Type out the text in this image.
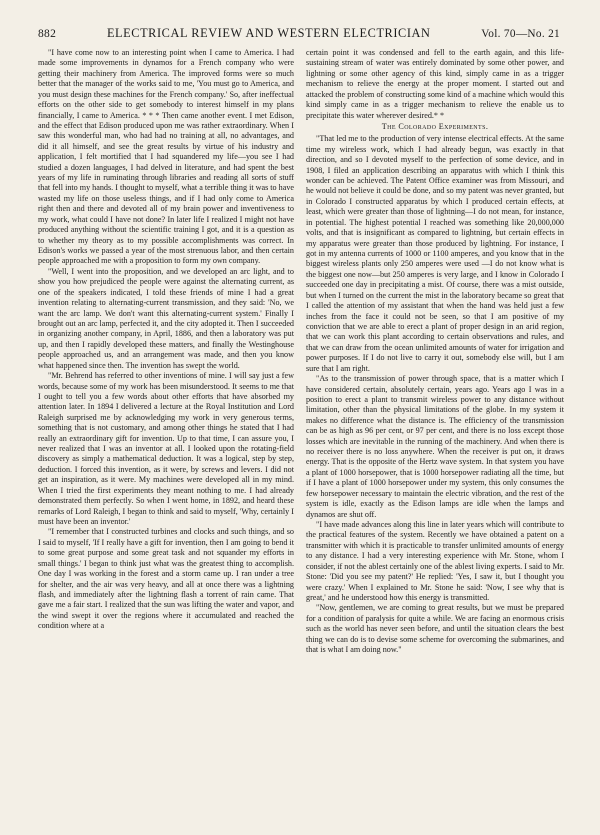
882	ELECTRICAL REVIEW AND WESTERN ELECTRICIAN	Vol. 70—No. 21

"I have come now to an interesting point when I came to America. I had made some improvements in dynamos for a French company who were getting their machinery from America. The improved forms were so much better that the manager of the works said to me, 'You must go to America, and you must design these machines for the French company.' So, after ineffectual efforts on the other side to get somebody to interest himself in my plans financially, I came to America. * * * Then came another event. I met Edison, and the effect that Edison produced upon me was rather extraordinary. When I saw this wonderful man, who had had no training at all, no advantages, and did it all himself, and see the great results by virtue of his industry and application, I felt mortified that I had squandered my life—you see I had studied a dozen languages, I had delved in literature, and had spent the best years of my life in ruminating through libraries and reading all sorts of stuff that fell into my hands. I thought to myself, what a terrible thing it was to have wasted my life on those useless things, and if I had only come to America right then and there and devoted all of my brain power and inventiveness to my work, what could I have not done? In later life I realized I might not have produced anything without the scientific training I got, and it is a question as to whether my theory as to my possible accomplishments was correct. In Edison's works we passed a year of the most strenuous labor, and then certain people approached me with a proposition to form my own company.

"Well, I went into the proposition, and we developed an arc light, and to show you how prejudiced the people were against the alternating current, as one of the speakers indicated, I told these friends of mine I had a great invention relating to alternating-current transmission, and they said: 'No, we want the arc lamp. We don't want this alternating-current system.' Finally I brought out an arc lamp, perfected it, and the city adopted it. Then I succeeded in organizing another company, in April, 1886, and then a laboratory was put up, and then I rapidly developed these matters, and finally the Westinghouse people approached us, and an arrangement was made, and then you know what happened since then. The invention has swept the world.

"Mr. Behrend has referred to other inventions of mine. I will say just a few words, because some of my work has been misunderstood. It seems to me that I ought to tell you a few words about other efforts that have absorbed my attention later. In 1894 I delivered a lecture at the Royal Institution and Lord Raleigh surprised me by acknowledging my work in very generous terms, something that is not customary, and among other things he stated that I had really an extraordinary gift for invention. Up to that time, I can assure you, I never realized that I was an inventor at all. I looked upon the rotating-field discovery as simply a mathematical deduction. It was a logical, step by step, deduction. I forced this invention, as it were, by screws and levers. I did not get an inspiration, as it were. My machines were developed all in my mind. When I tried the first experiments they meant nothing to me. I had already demonstrated them perfectly. So when I went home, in 1892, and heard these remarks of Lord Raleigh, I began to think and said to myself, 'Why, certainly I must have been an inventor.'

"I remember that I constructed turbines and clocks and such things, and so I said to myself, 'If I really have a gift for invention, then I am going to bend it to some great purpose and some great task and not squander my efforts in small things.' I began to think just what was the greatest thing to accomplish. One day I was working in the forest and a storm came up. I ran under a tree for shelter, and the air was very heavy, and all at once there was a lightning flash, and immediately after the lightning flash a torrent of rain came. That gave me a fair start. I realized that the sun was lifting the water and vapor, and the wind swept it over the regions where it accumulated and reached the condition where at a

certain point it was condensed and fell to the earth again, and this life-sustaining stream of water was entirely dominated by some other power, and lightning or some other agency of this kind, simply came in as a trigger mechanism to relieve the energy at the proper moment. I started out and attacked the problem of constructing some kind of a machine which would this kind simply came in as a trigger mechanism to relieve the enable us to precipitate this water wherever desired.* *

The Colorado Experiments.

"That led me to the production of very intense electrical effects. At the same time my wireless work, which I had already begun, was exactly in that direction, and so I devoted myself to the perfection of some device, and in 1908, I filed an application describing an apparatus with which I think this wonder can be achieved. The Patent Office examiner was from Missouri, and he would not believe it could be done, and so my patent was never granted, but in Colorado I constructed apparatus by which I produced certain effects, at least, which were greater than those of lightning—I do not mean, for instance, in potential. The highest potential I reached was something like 20,000,000 volts, and that is insignificant as compared to lightning, but certain effects in my apparatus were greater than those produced by lightning. For instance, I got in my antenna currents of 1000 or 1100 amperes, and you know that in the biggest wireless plants only 250 amperes were used —I do not know what is the biggest one now—but 250 amperes is very large, and I know in Colorado I succeeded one day in precipitating a mist. Of course, there was a mist outside, but when I turned on the current the mist in the laboratory became so great that I called the attention of my assistant that when the hand was held just a few inches from the face it could not be seen, so that I am positive of my conviction that we are able to erect a plant of proper design in an arid region, that we can work this plant according to certain observations and rules, and that we can draw from the ocean unlimited amounts of water for irrigation and power purposes. If I do not live to carry it out, somebody else will, but I am sure that I am right.

"As to the transmission of power through space, that is a matter which I have considered certain, absolutely certain, years ago. Years ago I was in a position to erect a plant to transmit wireless power to any distance without limitation, other than the physical limitations of the globe. In my system it makes no difference what the distance is. The efficiency of the transmission can be as high as 96 per cent, or 97 per cent, and there is no loss except those losses which are inevitable in the running of the machinery. And when there is no receiver there is no loss anywhere. When the receiver is put on, it draws energy. That is the opposite of the Hertz wave system. In that system you have a plant of 1000 horsepower, that is 1000 horsepower radiating all the time, but if I have a plant of 1000 horsepower under my system, this only consumes the few horsepower necessary to maintain the electric vibration, and the rest of the system is idle, exactly as the Edison lamps are idle when the lamps and dynamos are shut off.

"I have made advances along this line in later years which will contribute to the practical features of the system. Recently we have obtained a patent on a transmitter with which it is practicable to transfer unlimited amounts of energy to any distance. I had a very interesting experience with Mr. Stone, whom I consider, if not the ablest certainly one of the ablest living experts. I said to Mr. Stone: 'Did you see my patent?' He replied: 'Yes, I saw it, but I thought you were crazy.' When I explained to Mr. Stone he said: 'Now, I see why that is great,' and he understood how this energy is transmitted.

"Now, gentlemen, we are coming to great results, but we must be prepared for a condition of paralysis for quite a while. We are facing an enormous crisis such as the world has never seen before, and until the situation clears the best thing we can do is to devise some scheme for overcoming the submarines, and that is what I am doing now."
